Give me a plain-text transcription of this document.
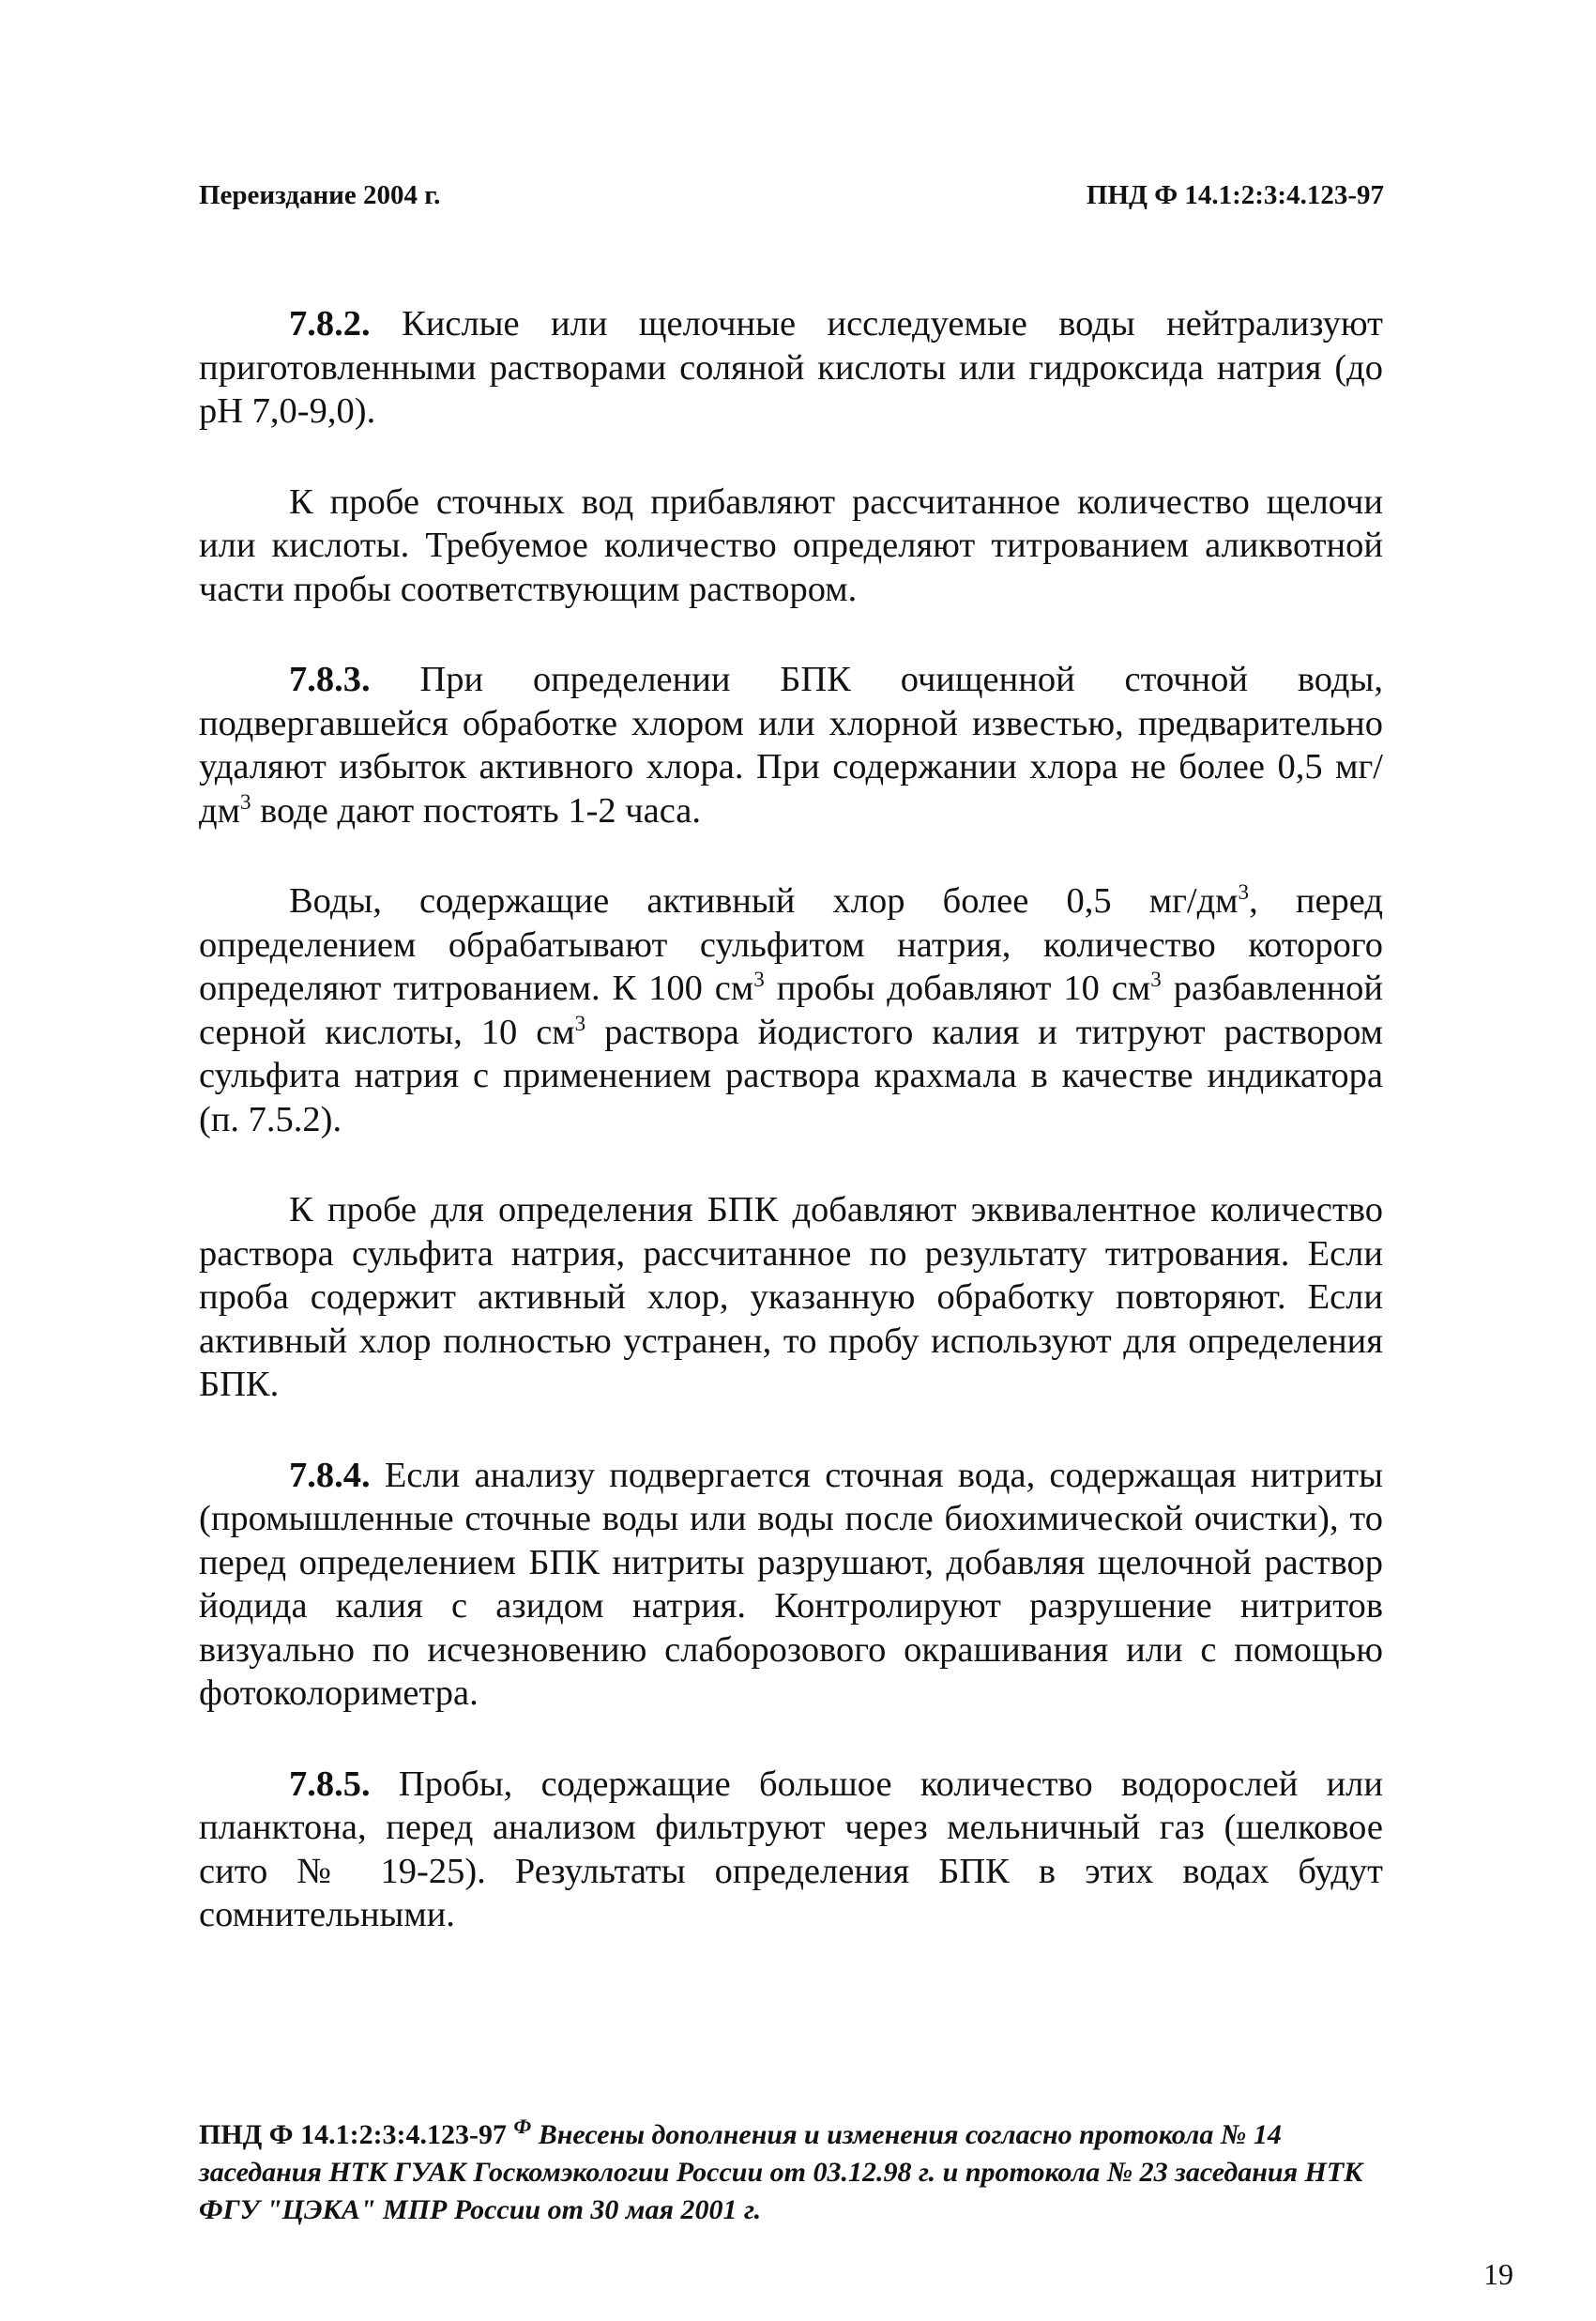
Переиздание 2004 г.	ПНД Ф 14.1:2:3:4.123-97

7.8.2. Кислые или щелочные исследуемые воды нейтрализуют приготовленными растворами соляной кислоты или гидроксида натрия (до pH 7,0-9,0).

К пробе сточных вод прибавляют рассчитанное количество щелочи или кислоты. Требуемое количество определяют титрованием аликвотной части пробы соответствующим раствором.

7.8.3. При определении БПК очищенной сточной воды, подвергавшейся обработке хлором или хлорной известью, предварительно удаляют избыток активного хлора. При содержании хлора не более 0,5 $мг/дм^3$ воде дают постоять 1-2 часа.

Воды, содержащие активный хлор более 0,5 $мг/дм^3$, перед определением обрабатывают сульфитом натрия, количество которого определяют титрованием. К 100 $см^3$ пробы добавляют 10 $см^3$ разбавленной серной кислоты, 10 $см^3$ раствора йодистого калия и титруют раствором сульфита натрия с применением раствора крахмала в качестве индикатора (п. 7.5.2).

К пробе для определения БПК добавляют эквивалентное количество раствора сульфита натрия, рассчитанное по результату титрования. Если проба содержит активный хлор, указанную обработку повторяют. Если активный хлор полностью устранен, то пробу используют для определения БПК.

7.8.4. Если анализу подвергается сточная вода, содержащая нитриты (промышленные сточные воды или воды после биохимической очистки), то перед определением БПК нитриты разрушают, добавляя щелочной раствор йодида калия с азидом натрия. Контролируют разрушение нитритов визуально по исчезновению слаборозового окрашивания или с помощью фотоколориметра.

7.8.5. Пробы, содержащие большое количество водорослей или планктона, перед анализом фильтруют через мельничный газ (шелковое сито № 19-25). Результаты определения БПК в этих водах будут сомнительными.

ПНД Ф 14.1:2:3:4.123-97 $^Ф$ Внесены дополнения и изменения согласно протокола № 14 заседания НТК ГУАК Госкомэкологии России от 03.12.98 г. и протокола № 23 заседания НТК ФГУ "ЦЭКА" МПР России от 30 мая 2001 г.
19
